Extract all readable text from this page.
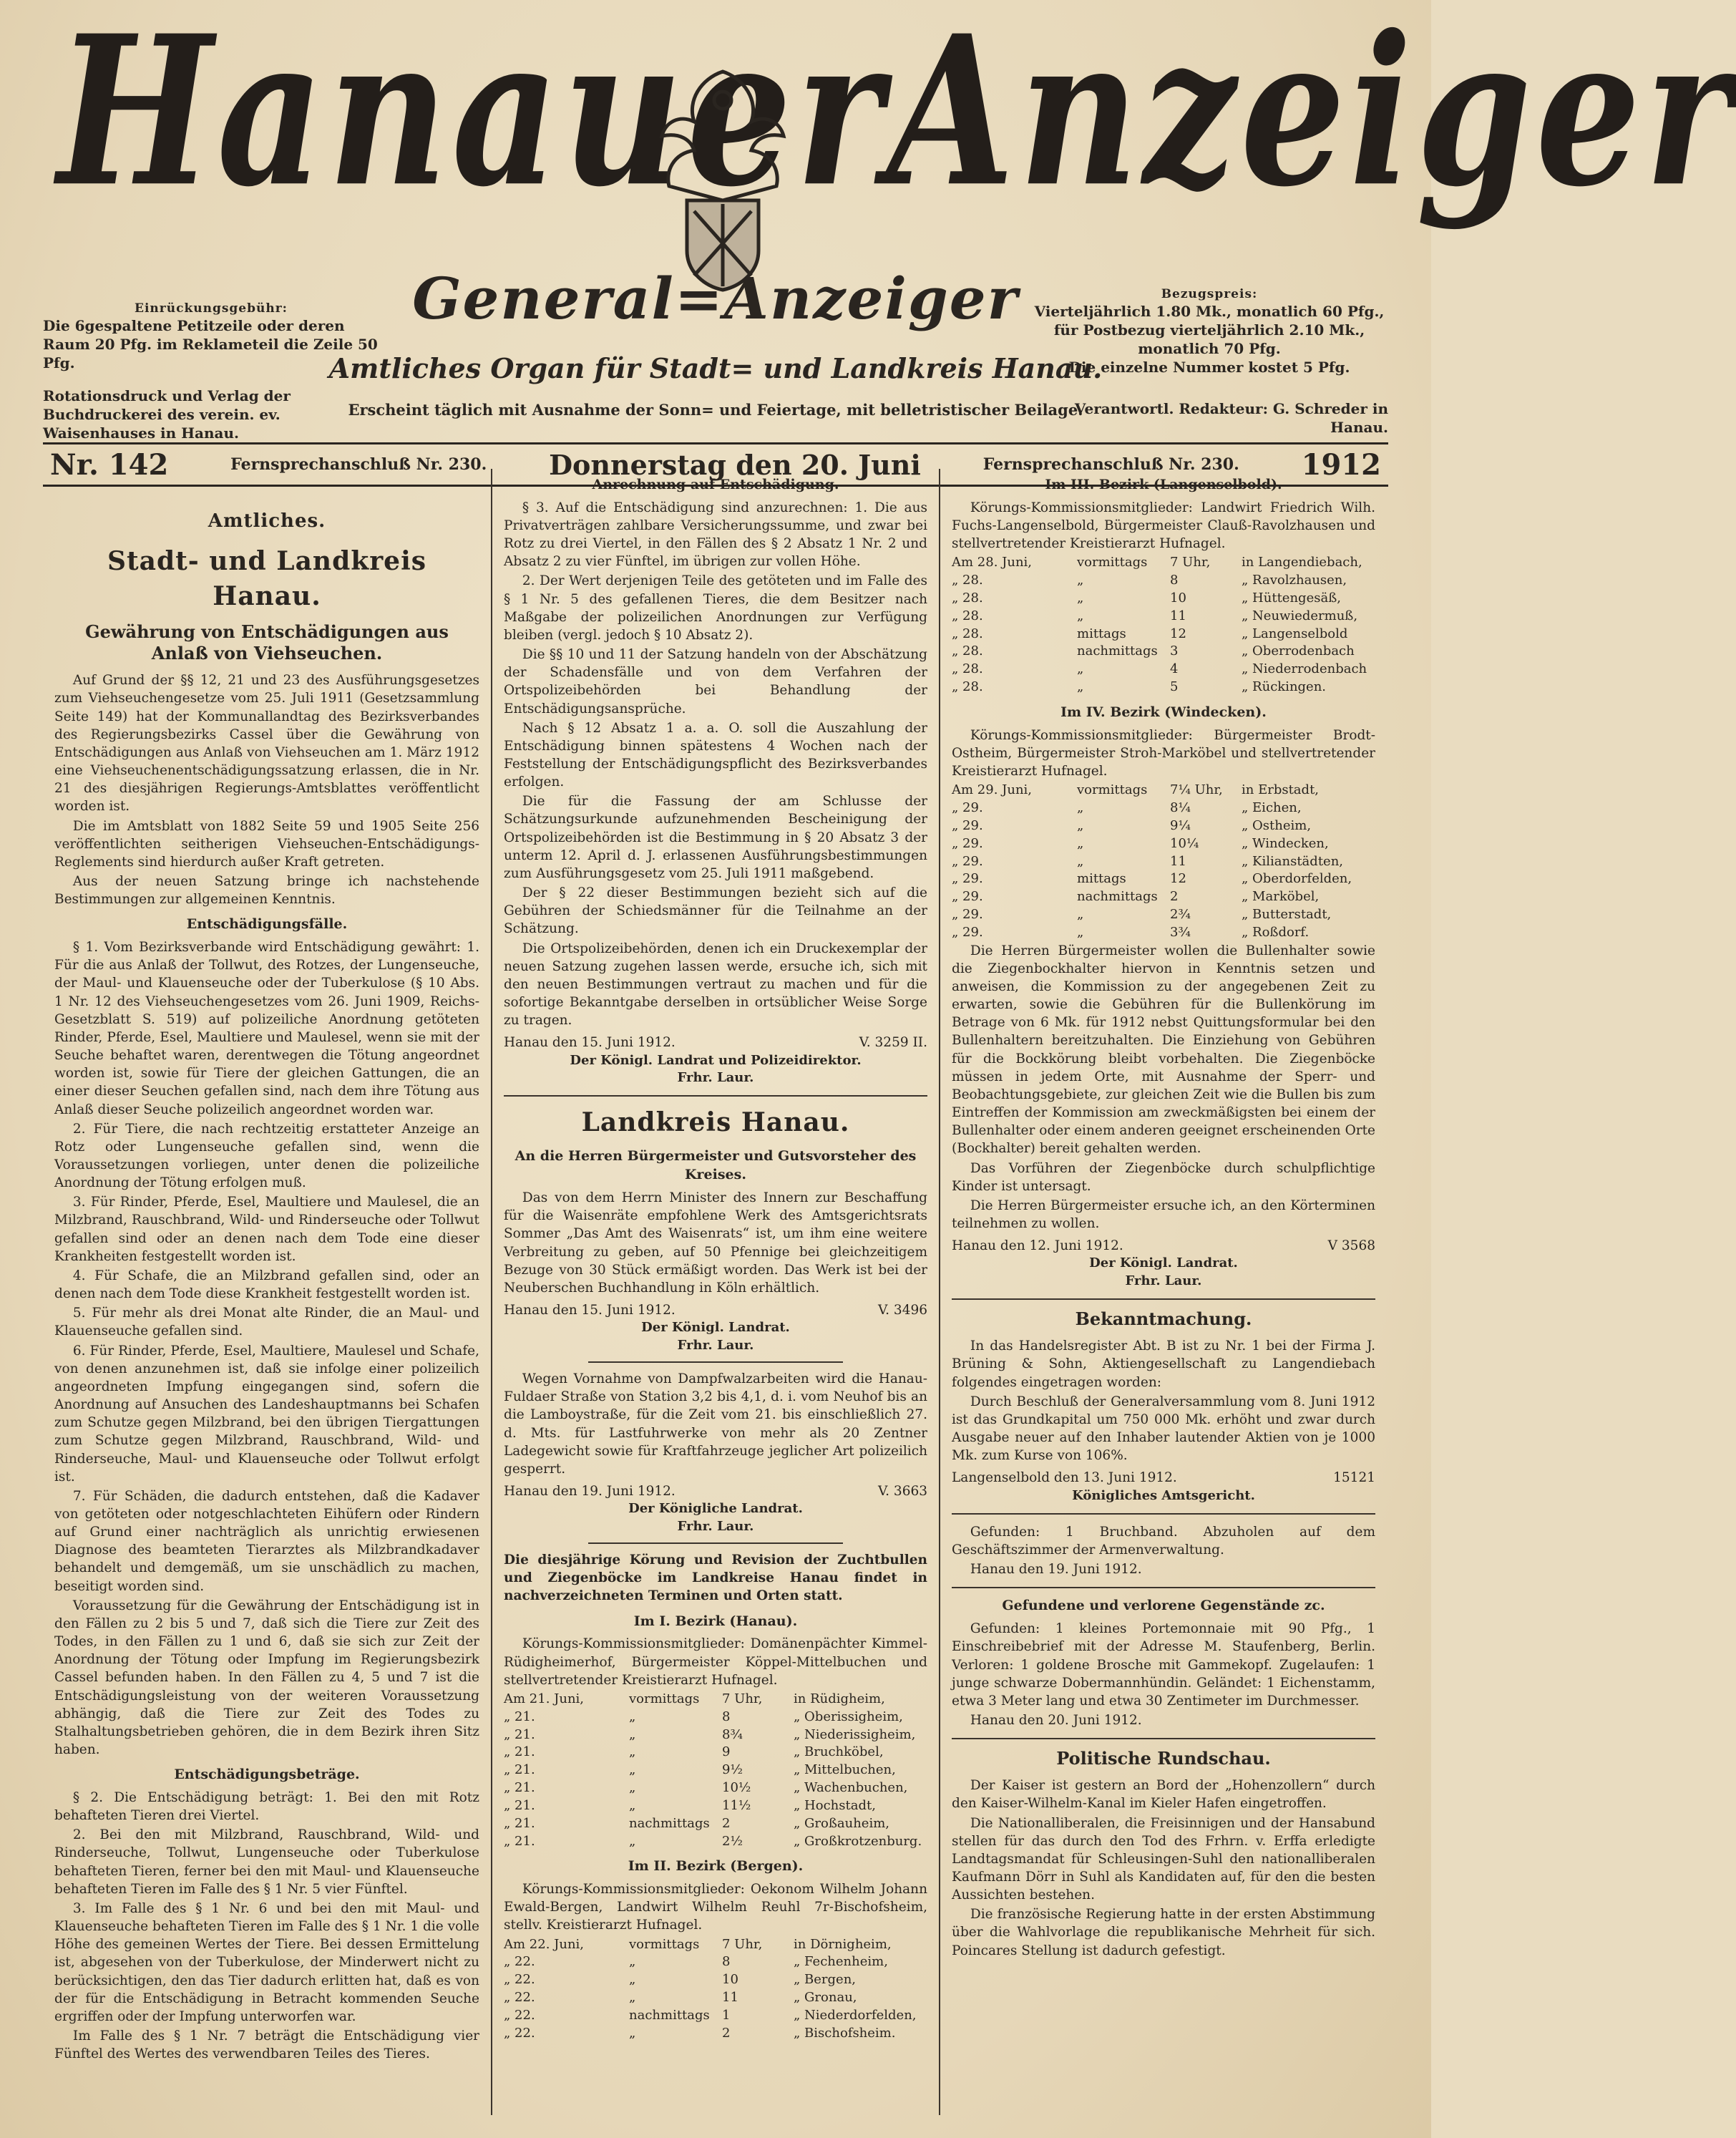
Hanauer Anzeiger
General=Anzeiger
Amtliches Organ für Stadt= und Landkreis Hanau.
Erscheint täglich mit Ausnahme der Sonn= und Feiertage, mit belletristischer Beilage.
Einrückungsgebühr:
Die 6gespaltene Petitzeile oder deren Raum 20 Pfg. im Reklameteil die Zeile 50 Pfg.
Rotationsdruck und Verlag der Buchdruckerei des verein. ev. Waisenhauses in Hanau.
Bezugspreis:
Vierteljährlich 1.80 Mk., monatlich 60 Pfg., für Postbezug vierteljährlich 2.10 Mk., monatlich 70 Pfg.
Die einzelne Nummer kostet 5 Pfg.
Verantwortl. Redakteur: G. Schreder in Hanau.
Nr. 142	Fernsprechanschluß Nr. 230. Donnerstag den 20. Juni	Fernsprechanschluß Nr. 230. 1912
Amtliches.
Stadt- und Landkreis Hanau.
Gewährung von Entschädigungen aus Anlaß von Viehseuchen.

Auf Grund der §§ 12, 21 und 23 des Ausführungsgesetzes zum Viehseuchengesetze vom 25. Juli 1911 (Gesetzsammlung Seite 149) hat der Kommunallandtag des Bezirksverbandes des Regierungsbezirks Cassel über die Gewährung von Entschädigungen aus Anlaß von Viehseuchen am 1. März 1912 eine Viehseuchenentschädigungssatzung erlassen, die in Nr. 21 des diesjährigen Regierungs-Amtsblattes veröffentlicht worden ist.

Die im Amtsblatt von 1882 Seite 59 und 1905 Seite 256 veröffentlichten seitherigen Viehseuchen-Entschädigungs-Reglements sind hierdurch außer Kraft getreten.

Aus der neuen Satzung bringe ich nachstehende Bestimmungen zur allgemeinen Kenntnis.

Entschädigungsfälle.

§ 1. Vom Bezirksverbande wird Entschädigung gewährt: 1. Für die aus Anlaß der Tollwut, des Rotzes, der Lungenseuche, der Maul- und Klauenseuche oder der Tuberkulose (§ 10 Abs. 1 Nr. 12 des Viehseuchengesetzes vom 26. Juni 1909, Reichs-Gesetzblatt S. 519) auf polizeiliche Anordnung getöteten Rinder, Pferde, Esel, Maultiere und Maulesel, wenn sie mit der Seuche behaftet waren, derentwegen die Tötung angeordnet worden ist, sowie für Tiere der gleichen Gattungen, die an einer dieser Seuchen gefallen sind, nach dem ihre Tötung aus Anlaß dieser Seuche polizeilich angeordnet worden war.

2. Für Tiere, die nach rechtzeitig erstatteter Anzeige an Rotz oder Lungenseuche gefallen sind, wenn die Voraussetzungen vorliegen, unter denen die polizeiliche Anordnung der Tötung erfolgen muß.

3. Für Rinder, Pferde, Esel, Maultiere und Maulesel, die an Milzbrand, Rauschbrand, Wild- und Rinderseuche oder Tollwut gefallen sind oder an denen nach dem Tode eine dieser Krankheiten festgestellt worden ist.

4. Für Schafe, die an Milzbrand gefallen sind, oder an denen nach dem Tode diese Krankheit festgestellt worden ist.

5. Für mehr als drei Monat alte Rinder, die an Maul- und Klauenseuche gefallen sind.

6. Für Rinder, Pferde, Esel, Maultiere, Maulesel und Schafe, von denen anzunehmen ist, daß sie infolge einer polizeilich angeordneten Impfung eingegangen sind, sofern die Anordnung auf Ansuchen des Landeshauptmanns bei Schafen zum Schutze gegen Milzbrand, bei den übrigen Tiergattungen zum Schutze gegen Milzbrand, Rauschbrand, Wild- und Rinderseuche, Maul- und Klauenseuche oder Tollwut erfolgt ist.

7. Für Schäden, die dadurch entstehen, daß die Kadaver von getöteten oder notgeschlachteten Eihüfern oder Rindern auf Grund einer nachträglich als unrichtig erwiesenen Diagnose des beamteten Tierarztes als Milzbrandkadaver behandelt und demgemäß, um sie unschädlich zu machen, beseitigt worden sind.

Voraussetzung für die Gewährung der Entschädigung ist in den Fällen zu 2 bis 5 und 7, daß sich die Tiere zur Zeit des Todes, in den Fällen zu 1 und 6, daß sie sich zur Zeit der Anordnung der Tötung oder Impfung im Regierungsbezirk Cassel befunden haben. In den Fällen zu 4, 5 und 7 ist die Entschädigungsleistung von der weiteren Voraussetzung abhängig, daß die Tiere zur Zeit des Todes zu Stalhaltungsbetrieben gehören, die in dem Bezirk ihren Sitz haben.

Entschädigungsbeträge.

§ 2. Die Entschädigung beträgt: 1. Bei den mit Rotz behafteten Tieren drei Viertel.

2. Bei den mit Milzbrand, Rauschbrand, Wild- und Rinderseuche, Tollwut, Lungenseuche oder Tuberkulose behafteten Tieren, ferner bei den mit Maul- und Klauenseuche behafteten Tieren im Falle des § 1 Nr. 5 vier Fünftel.

3. Im Falle des § 1 Nr. 6 und bei den mit Maul- und Klauenseuche behafteten Tieren im Falle des § 1 Nr. 1 die volle Höhe des gemeinen Wertes der Tiere. Bei dessen Ermittelung ist, abgesehen von der Tuberkulose, der Minderwert nicht zu berücksichtigen, den das Tier dadurch erlitten hat, daß es von der für die Entschädigung in Betracht kommenden Seuche ergriffen oder der Impfung unterworfen war.

Im Falle des § 1 Nr. 7 beträgt die Entschädigung vier Fünftel des Wertes des verwendbaren Teiles des Tieres.

Anrechnung auf Entschädigung.

§ 3. Auf die Entschädigung sind anzurechnen: 1. Die aus Privatverträgen zahlbare Versicherungssumme, und zwar bei Rotz zu drei Viertel, in den Fällen des § 2 Absatz 1 Nr. 2 und Absatz 2 zu vier Fünftel, im übrigen zur vollen Höhe.

2. Der Wert derjenigen Teile des getöteten und im Falle des § 1 Nr. 5 des gefallenen Tieres, die dem Besitzer nach Maßgabe der polizeilichen Anordnungen zur Verfügung bleiben (vergl. jedoch § 10 Absatz 2).

Die §§ 10 und 11 der Satzung handeln von der Abschätzung der Schadensfälle und von dem Verfahren der Ortspolizeibehörden bei Behandlung der Entschädigungsansprüche.

Nach § 12 Absatz 1 a. a. O. soll die Auszahlung der Entschädigung binnen spätestens 4 Wochen nach der Feststellung der Entschädigungspflicht des Bezirksverbandes erfolgen.

Die für die Fassung der am Schlusse der Schätzungsurkunde aufzunehmenden Bescheinigung der Ortspolizeibehörden ist die Bestimmung in § 20 Absatz 3 der unterm 12. April d. J. erlassenen Ausführungsbestimmungen zum Ausführungsgesetz vom 25. Juli 1911 maßgebend.

Der § 22 dieser Bestimmungen bezieht sich auf die Gebühren der Schiedsmänner für die Teilnahme an der Schätzung.

Die Ortspolizeibehörden, denen ich ein Druckexemplar der neuen Satzung zugehen lassen werde, ersuche ich, sich mit den neuen Bestimmungen vertraut zu machen und für die sofortige Bekanntgabe derselben in ortsüblicher Weise Sorge zu tragen.

Hanau den 15. Juni 1912.	V. 3259 II.
Der Königl. Landrat und Polizeidirektor.
Frhr. Laur.
Landkreis Hanau.
An die Herren Bürgermeister und Gutsvorsteher des Kreises.

Das von dem Herrn Minister des Innern zur Beschaffung für die Waisenräte empfohlene Werk des Amtsgerichtsrats Sommer „Das Amt des Waisenrats“ ist, um ihm eine weitere Verbreitung zu geben, auf 50 Pfennige bei gleichzeitigem Bezuge von 30 Stück ermäßigt worden. Das Werk ist bei der Neuberschen Buchhandlung in Köln erhältlich.

Hanau den 15. Juni 1912.	V. 3496
Der Königl. Landrat.
Frhr. Laur.

Wegen Vornahme von Dampfwalzarbeiten wird die Hanau-Fuldaer Straße von Station 3,2 bis 4,1, d. i. vom Neuhof bis an die Lamboystraße, für die Zeit vom 21. bis einschließlich 27. d. Mts. für Lastfuhrwerke von mehr als 20 Zentner Ladegewicht sowie für Kraftfahrzeuge jeglicher Art polizeilich gesperrt.

Hanau den 19. Juni 1912.	V. 3663
Der Königliche Landrat.
Frhr. Laur.

Die diesjährige Körung und Revision der Zuchtbullen und Ziegenböcke im Landkreise Hanau findet in nachverzeichneten Terminen und Orten statt.

Im I. Bezirk (Hanau).

Körungs-Kommissionsmitglieder: Domänenpächter Kimmel-Rüdigheimerhof, Bürgermeister Köppel-Mittelbuchen und stellvertretender Kreistierarzt Hufnagel.

Am 21. Juni,	vormittags	7 Uhr,	in Rüdigheim,
„ 21.	„	8	„ Oberissigheim,
„ 21.	„	8¾	„ Niederissigheim,
„ 21.	„	9	„ Bruchköbel,
„ 21.	„	9½	„ Mittelbuchen,
„ 21.	„	10½	„ Wachenbuchen,
„ 21.	„	11½	„ Hochstadt,
„ 21.	nachmittags 2	„ Großauheim,
„ 21.	„	2½	„ Großkrotzenburg.
Im II. Bezirk (Bergen).

Körungs-Kommissionsmitglieder: Oekonom Wilhelm Johann Ewald-Bergen, Landwirt Wilhelm Reuhl 7r-Bischofsheim, stellv. Kreistierarzt Hufnagel.

Am 22. Juni,	vormittags	7 Uhr,	in Dörnigheim,
„ 22.	„	8	„ Fechenheim,
„ 22.	„	10	„ Bergen,
„ 22.	„	11	„ Gronau,
„ 22.	nachmittags 1	„ Niederdorfelden,
„ 22.	„	2	„ Bischofsheim.
Im III. Bezirk (Langenselbold).

Körungs-Kommissionsmitglieder: Landwirt Friedrich Wilh. Fuchs-Langenselbold, Bürgermeister Clauß-Ravolzhausen und stellvertretender Kreistierarzt Hufnagel.

Am 28. Juni,	vormittags	7 Uhr,	in Langendiebach,
„ 28.	„	8	„ Ravolzhausen,
„ 28.	„	10	„ Hüttengesäß,
„ 28.	„	11	„ Neuwiedermuß,
„ 28.	mittags	12	„ Langenselbold
„ 28.	nachmittags 3	„ Oberrodenbach
„ 28.	„	4	„ Niederrodenbach
„ 28.	„	5	„ Rückingen.
Im IV. Bezirk (Windecken).

Körungs-Kommissionsmitglieder: Bürgermeister Brodt-Ostheim, Bürgermeister Stroh-Marköbel und stellvertretender Kreistierarzt Hufnagel.

Am 29. Juni,	vormittags	7¼ Uhr,	in Erbstadt,
„ 29.	„	8¼	„ Eichen,
„ 29.	„	9¼	„ Ostheim,
„ 29.	„	10¼	„ Windecken,
„ 29.	„	11	„ Kilianstädten,
„ 29.	mittags	12	„ Oberdorfelden,
„ 29.	nachmittags 2	„ Marköbel,
„ 29.	„	2¾	„ Butterstadt,
„ 29.	„	3¾	„ Roßdorf.

Die Herren Bürgermeister wollen die Bullenhalter sowie die Ziegenbockhalter hiervon in Kenntnis setzen und anweisen, die Kommission zu der angegebenen Zeit zu erwarten, sowie die Gebühren für die Bullenkörung im Betrage von 6 Mk. für 1912 nebst Quittungsformular bei den Bullenhaltern bereitzuhalten. Die Einziehung von Gebühren für die Bockkörung bleibt vorbehalten. Die Ziegenböcke müssen in jedem Orte, mit Ausnahme der Sperr- und Beobachtungsgebiete, zur gleichen Zeit wie die Bullen bis zum Eintreffen der Kommission am zweckmäßigsten bei einem der Bullenhalter oder einem anderen geeignet erscheinenden Orte (Bockhalter) bereit gehalten werden.

Das Vorführen der Ziegenböcke durch schulpflichtige Kinder ist untersagt.

Die Herren Bürgermeister ersuche ich, an den Körterminen teilnehmen zu wollen.

Hanau den 12. Juni 1912.	V 3568
Der Königl. Landrat.
Frhr. Laur.
Bekanntmachung.

In das Handelsregister Abt. B ist zu Nr. 1 bei der Firma J. Brüning & Sohn, Aktiengesellschaft zu Langendiebach folgendes eingetragen worden:

Durch Beschluß der Generalversammlung vom 8. Juni 1912 ist das Grundkapital um 750 000 Mk. erhöht und zwar durch Ausgabe neuer auf den Inhaber lautender Aktien von je 1000 Mk. zum Kurse von 106%.

Langenselbold den 13. Juni 1912.	15121
Königliches Amtsgericht.

Gefunden: 1 Bruchband. Abzuholen auf dem Geschäftszimmer der Armenverwaltung.

Hanau den 19. Juni 1912.

Gefundene und verlorene Gegenstände zc.

Gefunden: 1 kleines Portemonnaie mit 90 Pfg., 1 Einschreibebrief mit der Adresse M. Staufenberg, Berlin. Verloren: 1 goldene Brosche mit Gammekopf. Zugelaufen: 1 junge schwarze Dobermannhündin. Geländet: 1 Eichenstamm, etwa 3 Meter lang und etwa 30 Zentimeter im Durchmesser.

Hanau den 20. Juni 1912.

Politische Rundschau.

Der Kaiser ist gestern an Bord der „Hohenzollern“ durch den Kaiser-Wilhelm-Kanal im Kieler Hafen eingetroffen.

Die Nationalliberalen, die Freisinnigen und der Hansabund stellen für das durch den Tod des Frhrn. v. Erffa erledigte Landtagsmandat für Schleusingen-Suhl den nationalliberalen Kaufmann Dörr in Suhl als Kandidaten auf, für den die besten Aussichten bestehen.

Die französische Regierung hatte in der ersten Abstimmung über die Wahlvorlage die republikanische Mehrheit für sich. Poincares Stellung ist dadurch gefestigt.
